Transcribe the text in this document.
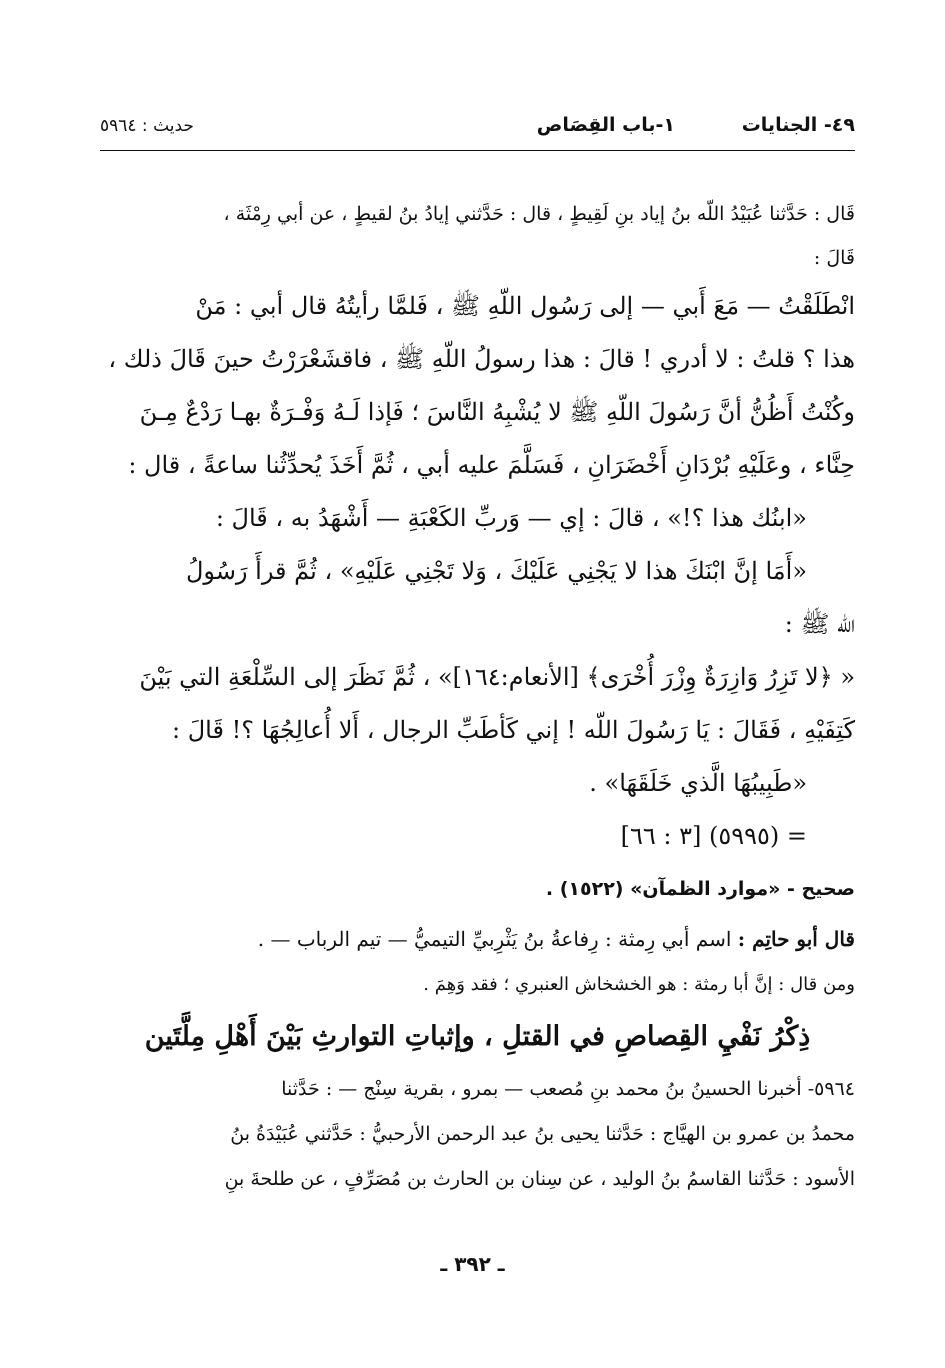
٤٩- الجنايات
١-باب القِصَاص
حديث : ٥٩٦٤

قَال : حَدَّثنا عُبَيْدُ اللّه بنُ إياد بنِ لَقِيطٍ ، قال : حَدَّثني إيادُ بنُ لقيطٍ ، عن أبي رِمْثَة ،

قَالَ :

انْطَلَقْتُ — مَعَ أَبي — إلى رَسُول اللّهِ ﷺ ، فَلمَّا رأيتُهُ قال أبي : مَنْ

هذا ؟ قلتُ : لا أدري ! قالَ : هذا رسولُ اللّهِ ﷺ ، فاقشَعْرَرْتُ حينَ قَالَ ذلك ،

وكُنْتُ أَظُنُّ أنَّ رَسُولَ اللّهِ ﷺ لا يُشْبِهُ النَّاسَ ؛ فَإذا لَـهُ وَفْـرَةٌ بهـا رَدْعٌ مِـنَ

حِنَّاء ، وعَلَيْهِ بُرْدَانِ أَخْضَرَانِ ، فَسَلَّمَ عليه أبي ، ثُمَّ أَخَذَ يُحدِّثُنا ساعةً ، قال :

«ابنُك هذا ؟!» ، قالَ : إي — وَربِّ الكَعْبَةِ — أَشْهَدُ به ، قَالَ :

«أَمَا إنَّ ابْنَكَ هذا لا يَجْنِي عَلَيْكَ ، وَلا تَجْنِي عَلَيْهِ» ، ثُمَّ قرأَ رَسُولُ

اللّه ﷺ :

« ﴿لا تَزِرُ وَازِرَةٌ وِزْرَ أُخْرَى﴾ [الأنعام:١٦٤]» ، ثُمَّ نَظَرَ إلى السِّلْعَةِ التي بَيْنَ

كَتِفَيْهِ ، فَقَالَ : يَا رَسُولَ اللّه ! إني كَأطَبِّ الرجال ، أَلا أُعالِجُهَا ؟! قَالَ :

«طَبِيبُهَا الَّذي خَلَقَهَا» .

= (٥٩٩٥) [٣ : ٦٦]

صحيح - «موارد الظمآن» (١٥٢٢) .

قال أبو حاتِم : اسم أبي رِمثة : رِفاعةُ بنُ يَثْرِبيِّ التيميُّ — تيم الرباب — .

ومن قال : إنَّ أبا رمثة : هو الخشخاش العنبري ؛ فقد وَهِمَ .

ذِكْرُ نَفْيِ القِصاصِ في القتلِ ، وإثباتِ التوارثِ بَيْنَ أَهْلِ مِلَّتَين

٥٩٦٤- أخبرنا الحسينُ بنُ محمد بنِ مُصعب — بمرو ، بقرية سِنْج — : حَدَّثنا

محمدُ بن عمرو بن الهيَّاج : حَدَّثنا يحيى بنُ عبد الرحمن الأرحبيُّ : حَدَّثني عُبَيْدَةُ بنُ

الأسود : حَدَّثنا القاسمُ بنُ الوليد ، عن سِنان بن الحارث بن مُصَرِّفٍ ، عن طلحةَ بنِ

ـ ٣٩٢ ـ
